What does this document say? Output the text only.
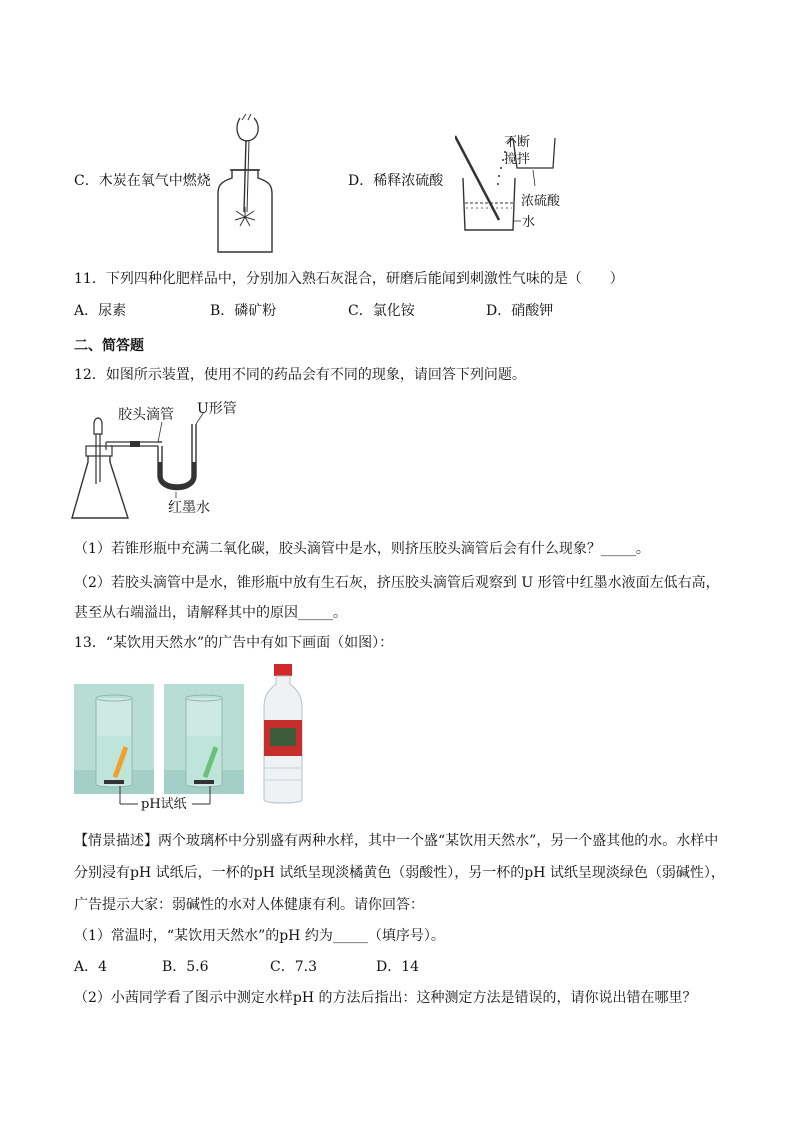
C．木炭在氧气中燃烧	D．稀释浓硫酸
不断
搅拌
浓硫酸
水
11．下列四种化肥样品中，分别加入熟石灰混合，研磨后能闻到刺激性气味的是（　　）
A．尿素	B．磷矿粉	C．氯化铵	D．硝酸钾
二、简答题
12．如图所示装置，使用不同的药品会有不同的现象，请回答下列问题。
胶头滴管 U形管
红墨水
（1）若锥形瓶中充满二氧化碳，胶头滴管中是水，则挤压胶头滴管后会有什么现象？_____。
（2）若胶头滴管中是水，锥形瓶中放有生石灰，挤压胶头滴管后观察到 U 形管中红墨水液面左低右高，
甚至从右端溢出，请解释其中的原因_____。
13．“某饮用天然水”的广告中有如下画面（如图）：
pH试纸
【情景描述】两个玻璃杯中分别盛有两种水样，其中一个盛“某饮用天然水”，另一个盛其他的水。水样中
分别浸有pH 试纸后，一杯的pH 试纸呈现淡橘黄色（弱酸性），另一杯的pH 试纸呈现淡绿色（弱碱性），
广告提示大家：弱碱性的水对人体健康有利。请你回答：
（1）常温时，“某饮用天然水”的pH 约为_____（填序号）。
A．4	B．5.6	C．7.3	D．14
（2）小茜同学看了图示中测定水样pH 的方法后指出：这种测定方法是错误的，请你说出错在哪里？
